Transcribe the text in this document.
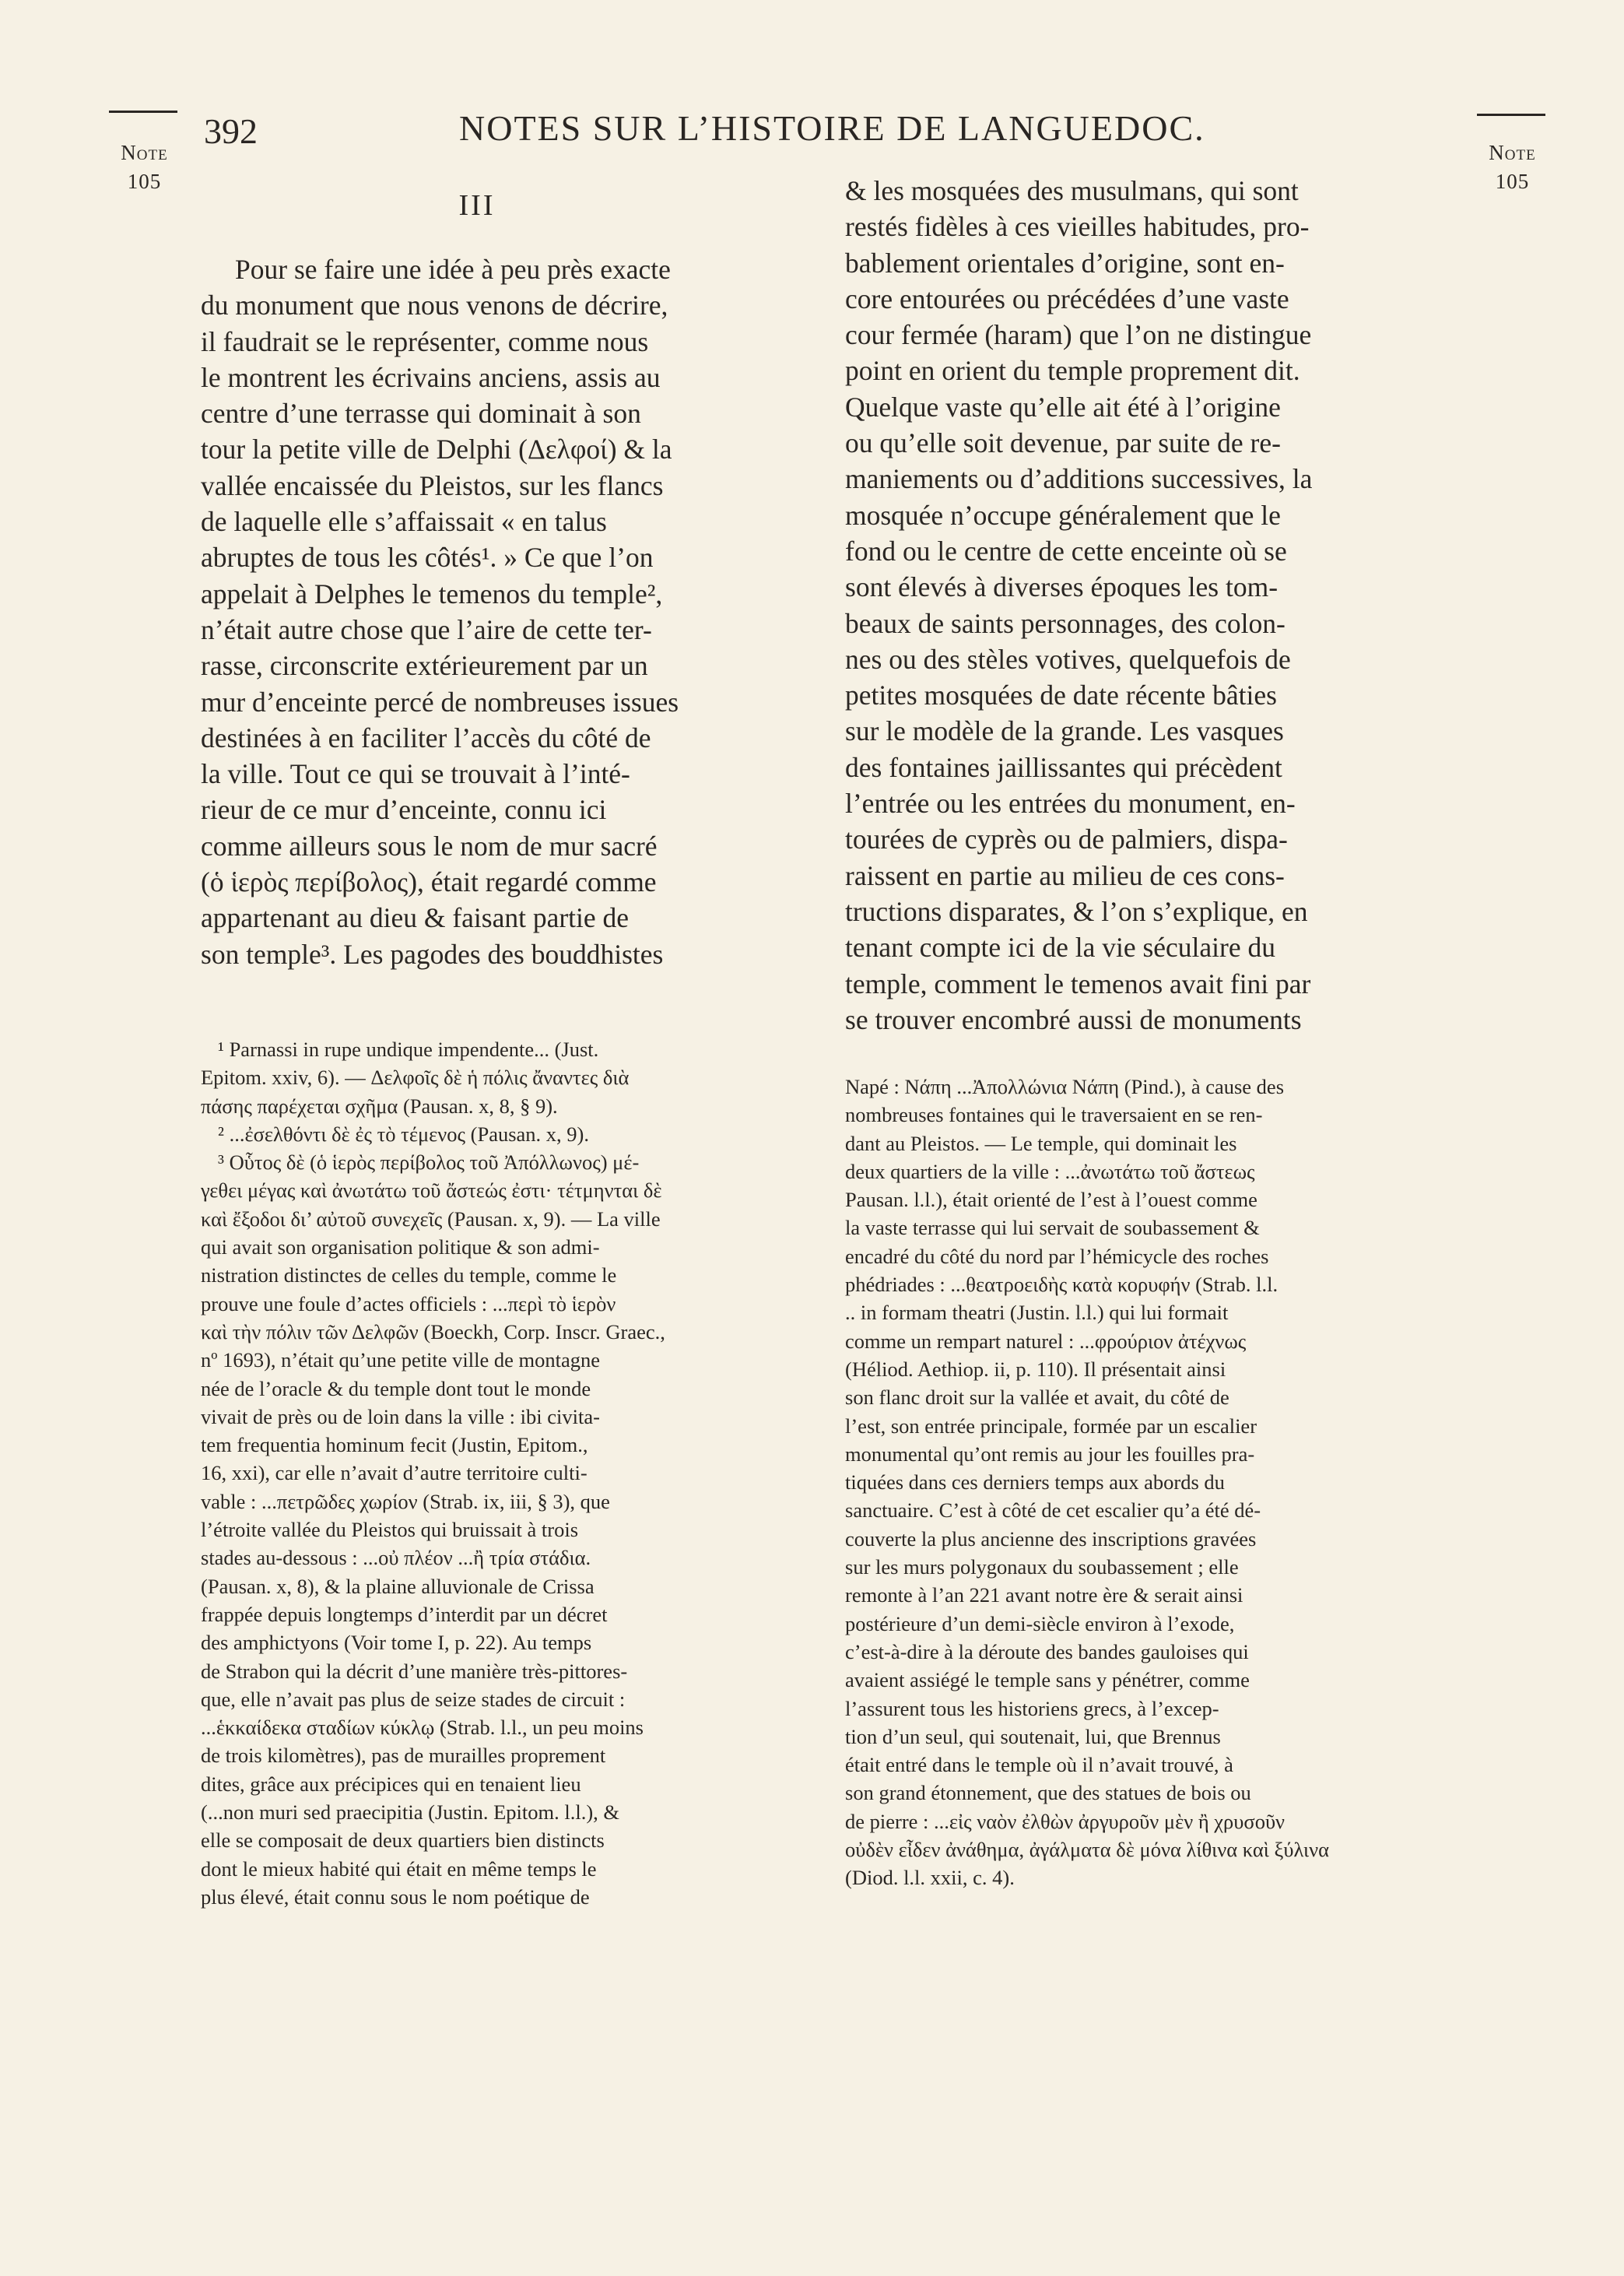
Note
105
Note
105
392	NOTES SUR L’HISTOIRE DE LANGUEDOC.
III
Pour se faire une idée à peu près exacte
du monument que nous venons de décrire,
il faudrait se le représenter, comme nous
le montrent les écrivains anciens, assis au
centre d’une terrasse qui dominait à son
tour la petite ville de Delphi (Δελφοί) & la
vallée encaissée du Pleistos, sur les flancs
de laquelle elle s’affaissait « en talus
abruptes de tous les côtés¹. » Ce que l’on
appelait à Delphes le temenos du temple²,
n’était autre chose que l’aire de cette ter-
rasse, circonscrite extérieurement par un
mur d’enceinte percé de nombreuses issues
destinées à en faciliter l’accès du côté de
la ville. Tout ce qui se trouvait à l’inté-
rieur de ce mur d’enceinte, connu ici
comme ailleurs sous le nom de mur sacré
(ὁ ἱερὸς περίβολος), était regardé comme
appartenant au dieu & faisant partie de
son temple³. Les pagodes des bouddhistes
& les mosquées des musulmans, qui sont
restés fidèles à ces vieilles habitudes, pro-
bablement orientales d’origine, sont en-
core entourées ou précédées d’une vaste
cour fermée (haram) que l’on ne distingue
point en orient du temple proprement dit.
Quelque vaste qu’elle ait été à l’origine
ou qu’elle soit devenue, par suite de re-
maniements ou d’additions successives, la
mosquée n’occupe généralement que le
fond ou le centre de cette enceinte où se
sont élevés à diverses époques les tom-
beaux de saints personnages, des colon-
nes ou des stèles votives, quelquefois de
petites mosquées de date récente bâties
sur le modèle de la grande. Les vasques
des fontaines jaillissantes qui précèdent
l’entrée ou les entrées du monument, en-
tourées de cyprès ou de palmiers, dispa-
raissent en partie au milieu de ces cons-
tructions disparates, & l’on s’explique, en
tenant compte ici de la vie séculaire du
temple, comment le temenos avait fini par
se trouver encombré aussi de monuments
¹ Parnassi in rupe undique impendente... (Just.
Epitom. xxiv, 6). — Δελφοῖς δὲ ἡ πόλις ἄναντες διὰ
πάσης παρέχεται σχῆμα (Pausan. x, 8, § 9).
² ...ἐσελθόντι δὲ ἐς τὸ τέμενος (Pausan. x, 9).
³ Οὗτος δὲ (ὁ ἱερὸς περίβολος τοῦ Ἀπόλλωνος) μέ-
γεθει μέγας καὶ ἀνωτάτω τοῦ ἄστεώς ἐστι· τέτμηνται δὲ
καὶ ἔξοδοι δι’ αὐτοῦ συνεχεῖς (Pausan. x, 9). — La ville
qui avait son organisation politique & son admi-
nistration distinctes de celles du temple, comme le
prouve une foule d’actes officiels : ...περὶ τὸ ἱερὸν
καὶ τὴν πόλιν τῶν Δελφῶν (Boeckh, Corp. Inscr. Graec.,
nº 1693), n’était qu’une petite ville de montagne
née de l’oracle & du temple dont tout le monde
vivait de près ou de loin dans la ville : ibi civita-
tem frequentia hominum fecit (Justin, Epitom.,
16, xxi), car elle n’avait d’autre territoire culti-
vable : ...πετρῶδες χωρίον (Strab. ix, iii, § 3), que
l’étroite vallée du Pleistos qui bruissait à trois
stades au-dessous : ...οὐ πλέον ...ἢ τρία στάδια.
(Pausan. x, 8), & la plaine alluvionale de Crissa
frappée depuis longtemps d’interdit par un décret
des amphictyons (Voir tome I, p. 22). Au temps
de Strabon qui la décrit d’une manière très-pittores-
que, elle n’avait pas plus de seize stades de circuit :
...ἑκκαίδεκα σταδίων κύκλῳ (Strab. l.l., un peu moins
de trois kilomètres), pas de murailles proprement
dites, grâce aux précipices qui en tenaient lieu
(...non muri sed praecipitia (Justin. Epitom. l.l.), &
elle se composait de deux quartiers bien distincts
dont le mieux habité qui était en même temps le
plus élevé, était connu sous le nom poétique de
Napé : Νάπη ...Ἀπολλώνια Νάπη (Pind.), à cause des
nombreuses fontaines qui le traversaient en se ren-
dant au Pleistos. — Le temple, qui dominait les
deux quartiers de la ville : ...ἀνωτάτω τοῦ ἄστεως
Pausan. l.l.), était orienté de l’est à l’ouest comme
la vaste terrasse qui lui servait de soubassement &
encadré du côté du nord par l’hémicycle des roches
phédriades : ...θεατροειδὴς κατὰ κορυφήν (Strab. l.l.
.. in formam theatri (Justin. l.l.) qui lui formait
comme un rempart naturel : ...φρούριον ἀτέχνως
(Héliod. Aethiop. ii, p. 110). Il présentait ainsi
son flanc droit sur la vallée et avait, du côté de
l’est, son entrée principale, formée par un escalier
monumental qu’ont remis au jour les fouilles pra-
tiquées dans ces derniers temps aux abords du
sanctuaire. C’est à côté de cet escalier qu’a été dé-
couverte la plus ancienne des inscriptions gravées
sur les murs polygonaux du soubassement ; elle
remonte à l’an 221 avant notre ère & serait ainsi
postérieure d’un demi-siècle environ à l’exode,
c’est-à-dire à la déroute des bandes gauloises qui
avaient assiégé le temple sans y pénétrer, comme
l’assurent tous les historiens grecs, à l’excep-
tion d’un seul, qui soutenait, lui, que Brennus
était entré dans le temple où il n’avait trouvé, à
son grand étonnement, que des statues de bois ou
de pierre : ...εἰς ναὸν ἐλθὼν ἀργυροῦν μὲν ἢ χρυσοῦν
οὐδὲν εἶδεν ἀνάθημα, ἀγάλματα δὲ μόνα λίθινα καὶ ξύλινα
(Diod. l.l. xxii, c. 4).
